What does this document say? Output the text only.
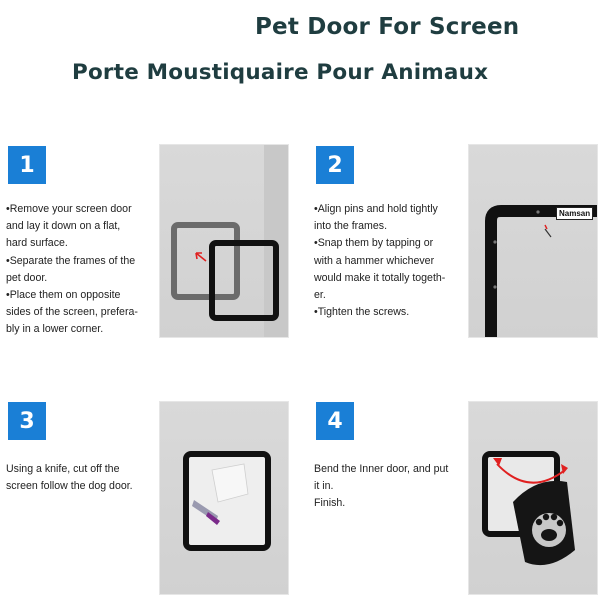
Pet Door For Screen
Porte Moustiquaire Pour Animaux
1

•Remove your screen door

and lay it down on a flat,

hard surface.

•Separate the frames of the

pet door.

•Place them on opposite

sides of the screen, prefera-

bly in a lower corner.

2

•Align pins and hold tightly

into the frames.

•Snap them by tapping or

with a hammer whichever

would make it totally togeth-

er.

•Tighten the screws.

Namsan
3

Using a knife, cut off the

screen follow the dog door.

4

Bend the Inner door, and put

it in.

Finish.
